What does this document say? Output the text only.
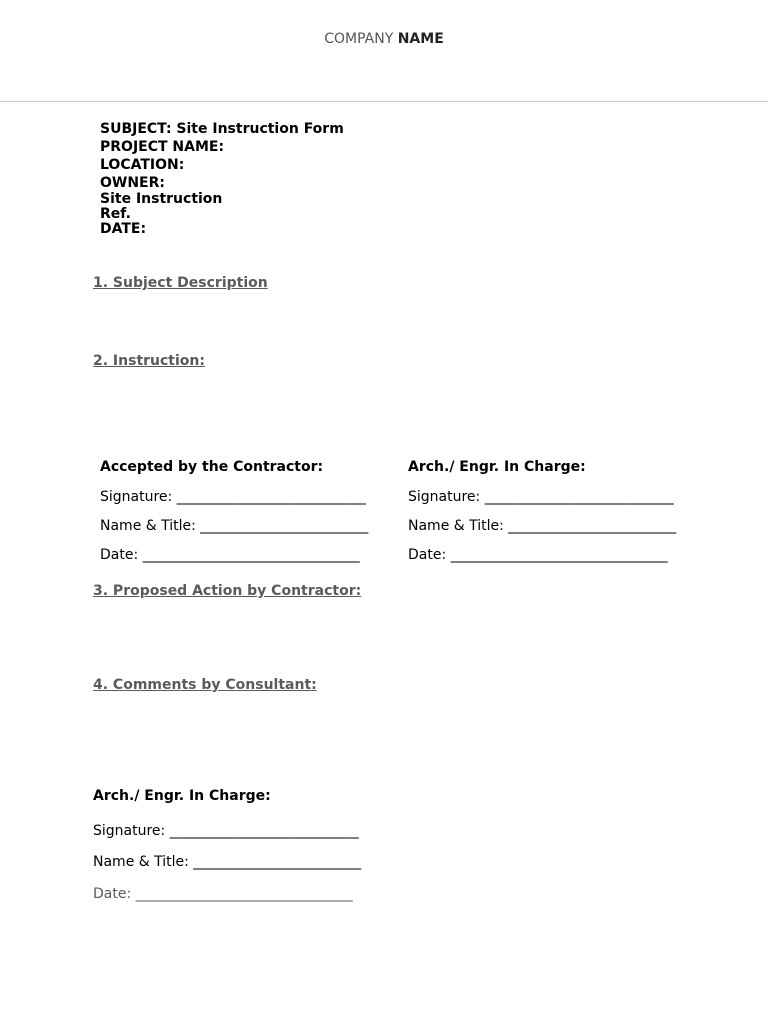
COMPANY NAME
SUBJECT: Site Instruction Form
PROJECT NAME:
LOCATION:
OWNER:
Site Instruction
Ref.
DATE:
1. Subject Description
2. Instruction:
Accepted by the Contractor:
Signature: ___________________________
Name & Title: ________________________
Date: _______________________________
Arch./ Engr. In Charge:
Signature: ___________________________
Name & Title: ________________________
Date: _______________________________
3. Proposed Action by Contractor:
4. Comments by Consultant:
Arch./ Engr. In Charge:
Signature: ___________________________
Name & Title: ________________________
Date: _______________________________
